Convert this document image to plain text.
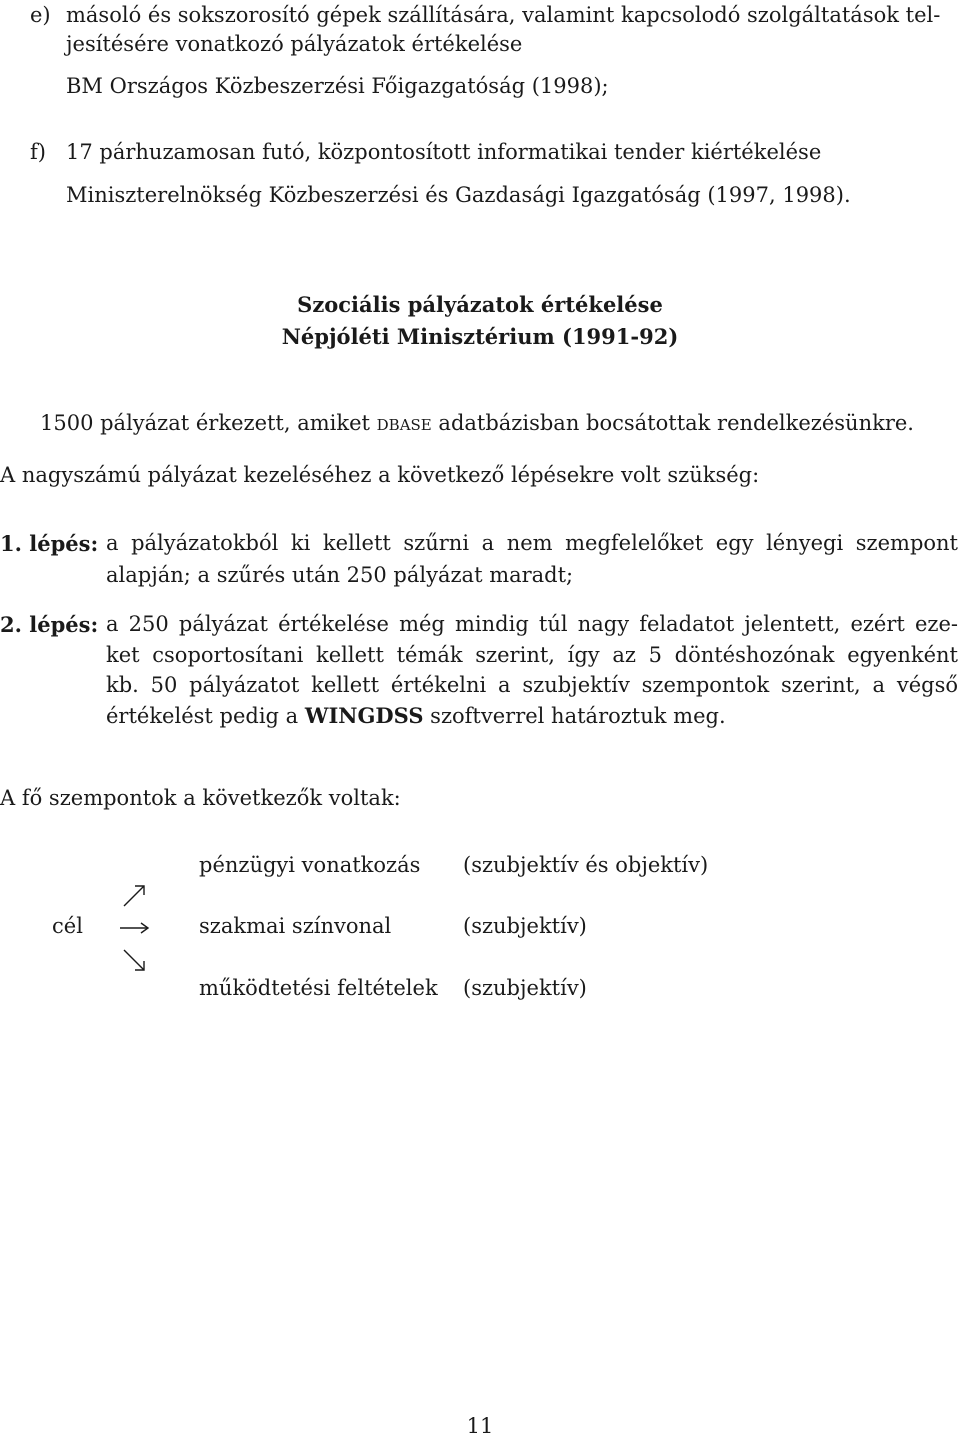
e) másoló és sokszorosító gépek szállítására, valamint kapcsolodó szolgáltatások tel-
jesítésére vonatkozó pályázatok értékelése
BM Országos Közbeszerzési Főigazgatóság (1998);
f) 17 párhuzamosan futó, központosított informatikai tender kiértékelése
Miniszterelnökség Közbeszerzési és Gazdasági Igazgatóság (1997, 1998).
Szociális pályázatok értékelése
Népjóléti Minisztérium (1991-92)
1500 pályázat érkezett, amiket dbase adatbázisban bocsátottak rendelkezésünkre.
A nagyszámú pályázat kezeléséhez a következő lépésekre volt szükség:
1. lépés: a pályázatokból ki kellett szűrni a nem megfelelőket egy lényegi szempont
alapján; a szűrés után 250 pályázat maradt;
2. lépés: a 250 pályázat értékelése még mindig túl nagy feladatot jelentett, ezért eze-
ket csoportosítani kellett témák szerint, így az 5 döntéshozónak egyenként
kb. 50 pályázatot kellett értékelni a szubjektív szempontok szerint, a végső
értékelést pedig a WINGDSS szoftverrel határoztuk meg.
A fő szempontok a következők voltak:
pénzügyi vonatkozás (szubjektív és objektív)
cél	szakmai színvonal	(szubjektív)
működtetési feltételek (szubjektív)
11
